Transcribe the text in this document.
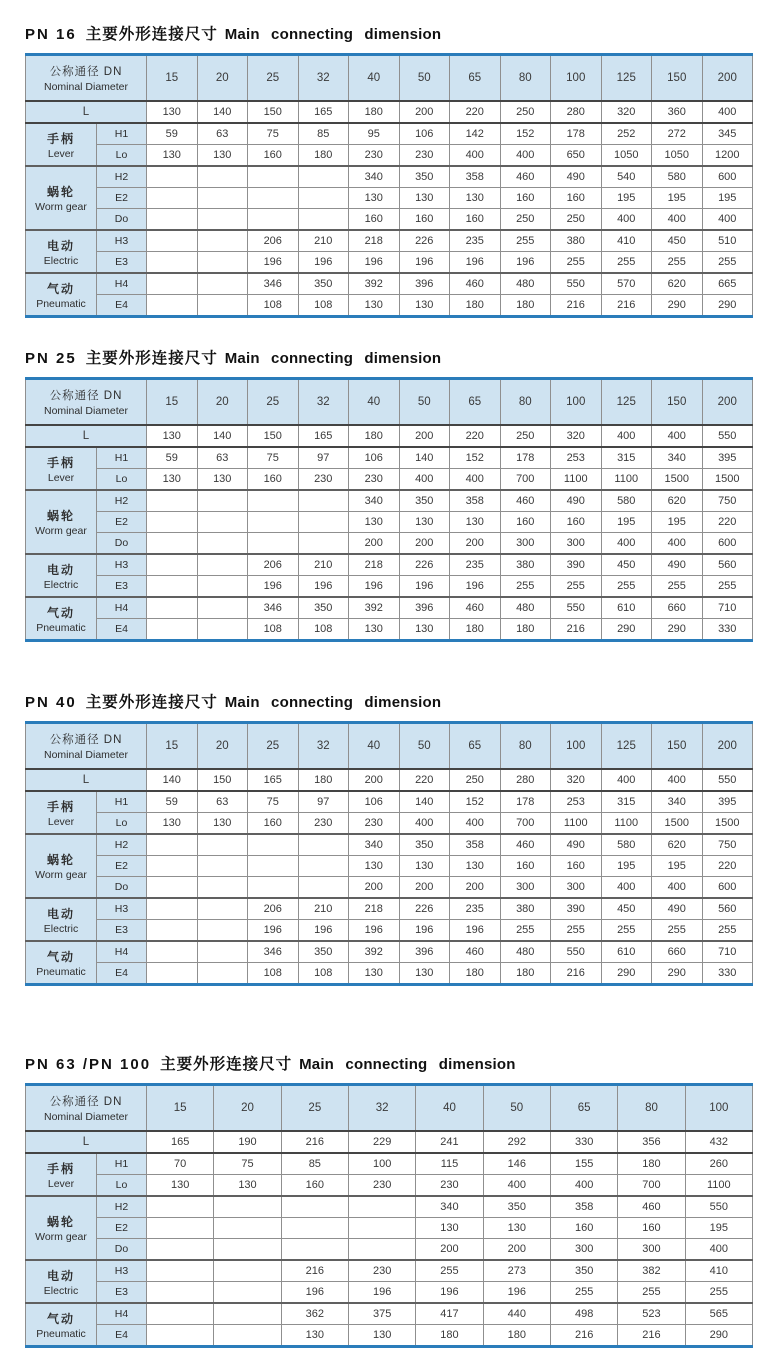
PN 16 主要外形连接尺寸 Main connecting dimension
公称通径 DN
Nominal Diameter		15	20	25	32	40	50	65	80	100	125	150	200
L		130	140	150	165	180	200	220	250	280	320	360	400

手柄
Lever	H1	59	63	75	85	95	106	142	152	178	252	272	345
	Lo	130	130	160	180	230	230	400	400	650	1050	1050	1200

蜗轮
Worm gear	H2					340	350	358	460	490	540	580	600
	E2					130	130	130	160	160	195	195	195
	Do					160	160	160	250	250	400	400	400

电动
Electric	H3			206	210	218	226	235	255	380	410	450	510
	E3			196	196	196	196	196	196	255	255	255	255

气动
Pneumatic	H4			346	350	392	396	460	480	550	570	620	665
	E4			108	108	130	130	180	180	216	216	290	290
PN 25 主要外形连接尺寸 Main connecting dimension
公称通径 DN
Nominal Diameter		15	20	25	32	40	50	65	80	100	125	150	200
L		130	140	150	165	180	200	220	250	320	400	400	550

手柄
Lever	H1	59	63	75	97	106	140	152	178	253	315	340	395
	Lo	130	130	160	230	230	400	400	700	1100	1100	1500	1500

蜗轮
Worm gear	H2					340	350	358	460	490	580	620	750
	E2					130	130	130	160	160	195	195	220
	Do					200	200	200	300	300	400	400	600

电动
Electric	H3			206	210	218	226	235	380	390	450	490	560
	E3			196	196	196	196	196	255	255	255	255	255

气动
Pneumatic	H4			346	350	392	396	460	480	550	610	660	710
	E4			108	108	130	130	180	180	216	290	290	330
PN 40 主要外形连接尺寸 Main connecting dimension
公称通径 DN
Nominal Diameter		15	20	25	32	40	50	65	80	100	125	150	200
L		140	150	165	180	200	220	250	280	320	400	400	550

手柄
Lever	H1	59	63	75	97	106	140	152	178	253	315	340	395
	Lo	130	130	160	230	230	400	400	700	1100	1100	1500	1500

蜗轮
Worm gear	H2					340	350	358	460	490	580	620	750
	E2					130	130	130	160	160	195	195	220
	Do					200	200	200	300	300	400	400	600

电动
Electric	H3			206	210	218	226	235	380	390	450	490	560
	E3			196	196	196	196	196	255	255	255	255	255

气动
Pneumatic	H4			346	350	392	396	460	480	550	610	660	710
	E4			108	108	130	130	180	180	216	290	290	330
PN 63 /PN 100 主要外形连接尺寸 Main connecting dimension
公称通径 DN
Nominal Diameter		15	20	25	32	40	50	65	80	100
L		165	190	216	229	241	292	330	356	432

手柄
Lever	H1	70	75	85	100	115	146	155	180	260
	Lo	130	130	160	230	230	400	400	700	1100

蜗轮
Worm gear	H2					340	350	358	460	550
	E2					130	130	160	160	195
	Do					200	200	300	300	400

电动
Electric	H3			216	230	255	273	350	382	410
	E3			196	196	196	196	255	255	255

气动
Pneumatic	H4			362	375	417	440	498	523	565
	E4			130	130	180	180	216	216	290
